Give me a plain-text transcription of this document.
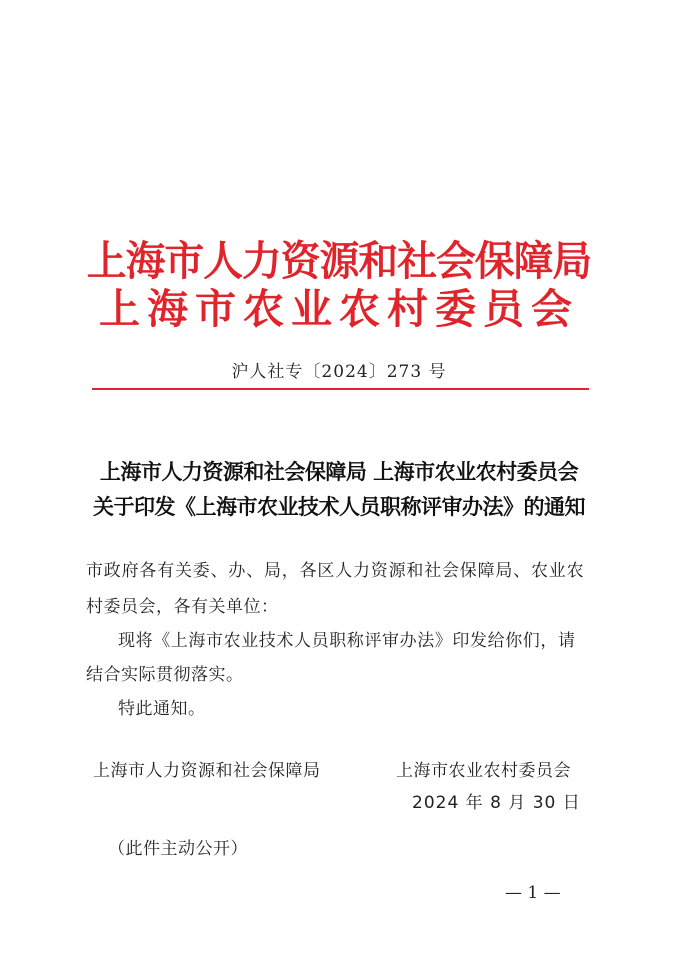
上海市人力资源和社会保障局
上海市农业农村委员会
沪人社专〔2024〕273 号
上海市人力资源和社会保障局 上海市农业农村委员会
关于印发《上海市农业技术人员职称评审办法》的通知
市政府各有关委、办、局，各区人力资源和社会保障局、农业农
村委员会，各有关单位：
现将《上海市农业技术人员职称评审办法》印发给你们，请
结合实际贯彻落实。
特此通知。
上海市人力资源和社会保障局	上海市农业农村委员会
2024 年 8 月 30 日
（此件主动公开）
— 1 —
